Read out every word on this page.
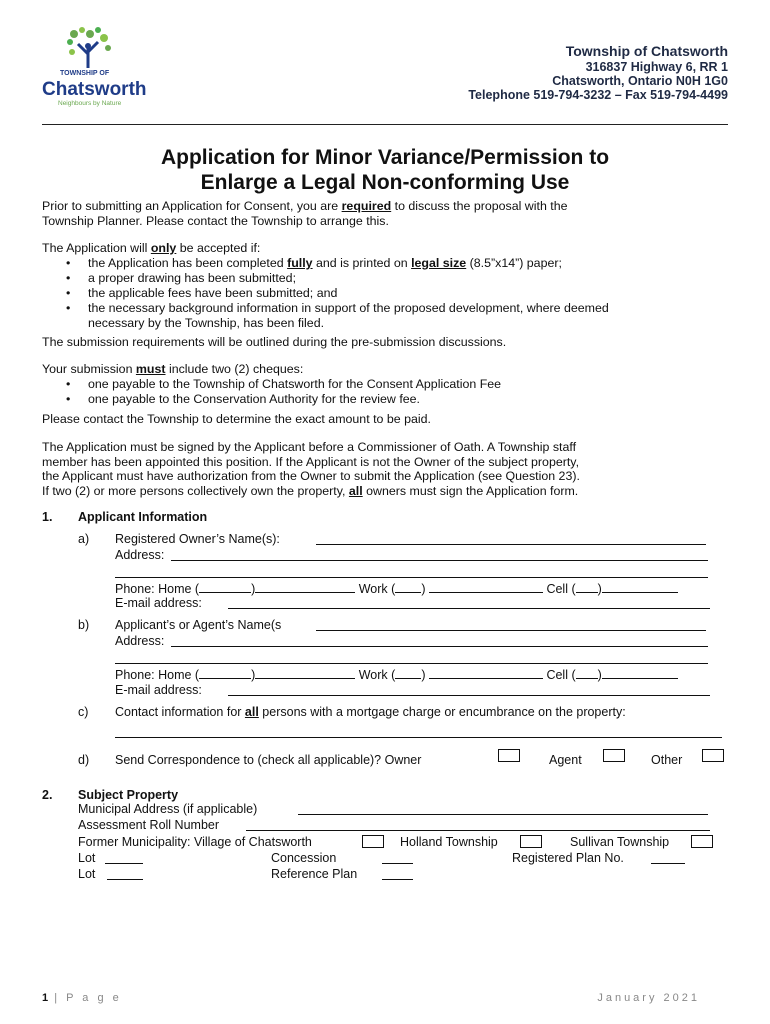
TOWNSHIP OF
Chatsworth
Neighbours by Nature
Township of Chatsworth
316837 Highway 6, RR 1
Chatsworth, Ontario N0H 1G0
Telephone 519-794-3232 – Fax 519-794-4499
Application for Minor Variance/Permission to
Enlarge a Legal Non-conforming Use
Prior to submitting an Application for Consent, you are required to discuss the proposal with the
Township Planner. Please contact the Township to arrange this.
The Application will only be accepted if:
• the Application has been completed fully and is printed on legal size (8.5”x14”) paper;
• a proper drawing has been submitted;
• the applicable fees have been submitted; and
• the necessary background information in support of the proposed development, where deemed
necessary by the Township, has been filed.
The submission requirements will be outlined during the pre-submission discussions.
Your submission must include two (2) cheques:
• one payable to the Township of Chatsworth for the Consent Application Fee
• one payable to the Conservation Authority for the review fee.
Please contact the Township to determine the exact amount to be paid.
The Application must be signed by the Applicant before a Commissioner of Oath. A Township staff
member has been appointed this position. If the Applicant is not the Owner of the subject property,
the Applicant must have authorization from the Owner to submit the Application (see Question 23).
If two (2) or more persons collectively own the property, all owners must sign the Application form.
1. Applicant Information
a) Registered Owner’s Name(s):
Address:
Phone: Home (	)	Work ( )	Cell ( )
E-mail address:
b) Applicant’s or Agent’s Name(s
Address:
Phone: Home (	)	Work ( )	Cell ( )
E-mail address:
c) Contact information for all persons with a mortgage charge or encumbrance on the property:
d) Send Correspondence to (check all applicable)? Owner	Agent	Other
2. Subject Property
Municipal Address (if applicable)
Assessment Roll Number
Former Municipality: Village of Chatsworth	Holland Township	Sullivan Township
Lot	Concession	Registered Plan No.
Lot	Reference Plan
1 | P a g e	January 2021
